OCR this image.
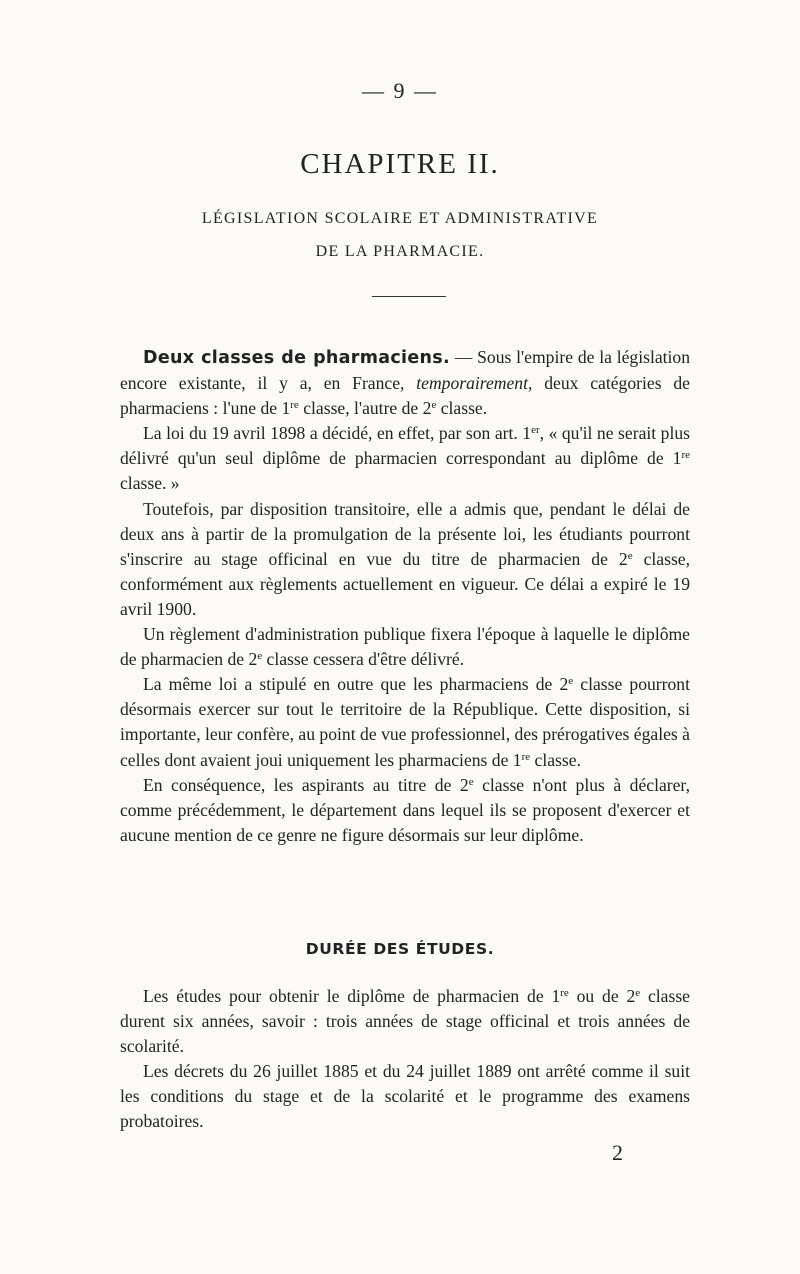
— 9 —
CHAPITRE II.
LÉGISLATION SCOLAIRE ET ADMINISTRATIVE
DE LA PHARMACIE.

Deux classes de pharmaciens. — Sous l'empire de la législation encore existante, il y a, en France, temporairement, deux catégories de pharmaciens : l'une de 1re classe, l'autre de 2e classe.

La loi du 19 avril 1898 a décidé, en effet, par son art. 1er, « qu'il ne serait plus délivré qu'un seul diplôme de pharmacien correspondant au diplôme de 1re classe. »

Toutefois, par disposition transitoire, elle a admis que, pendant le délai de deux ans à partir de la promulgation de la présente loi, les étudiants pourront s'inscrire au stage officinal en vue du titre de pharmacien de 2e classe, conformément aux règlements actuellement en vigueur. Ce délai a expiré le 19 avril 1900.

Un règlement d'administration publique fixera l'époque à laquelle le diplôme de pharmacien de 2e classe cessera d'être délivré.

La même loi a stipulé en outre que les pharmaciens de 2e classe pourront désormais exercer sur tout le territoire de la République. Cette disposition, si importante, leur confère, au point de vue professionnel, des prérogatives égales à celles dont avaient joui uniquement les pharmaciens de 1re classe.

En conséquence, les aspirants au titre de 2e classe n'ont plus à déclarer, comme précédemment, le département dans lequel ils se proposent d'exercer et aucune mention de ce genre ne figure désormais sur leur diplôme.

DURÉE DES ÉTUDES.

Les études pour obtenir le diplôme de pharmacien de 1re ou de 2e classe durent six années, savoir : trois années de stage officinal et trois années de scolarité.

Les décrets du 26 juillet 1885 et du 24 juillet 1889 ont arrêté comme il suit les conditions du stage et de la scolarité et le programme des examens probatoires.

2
